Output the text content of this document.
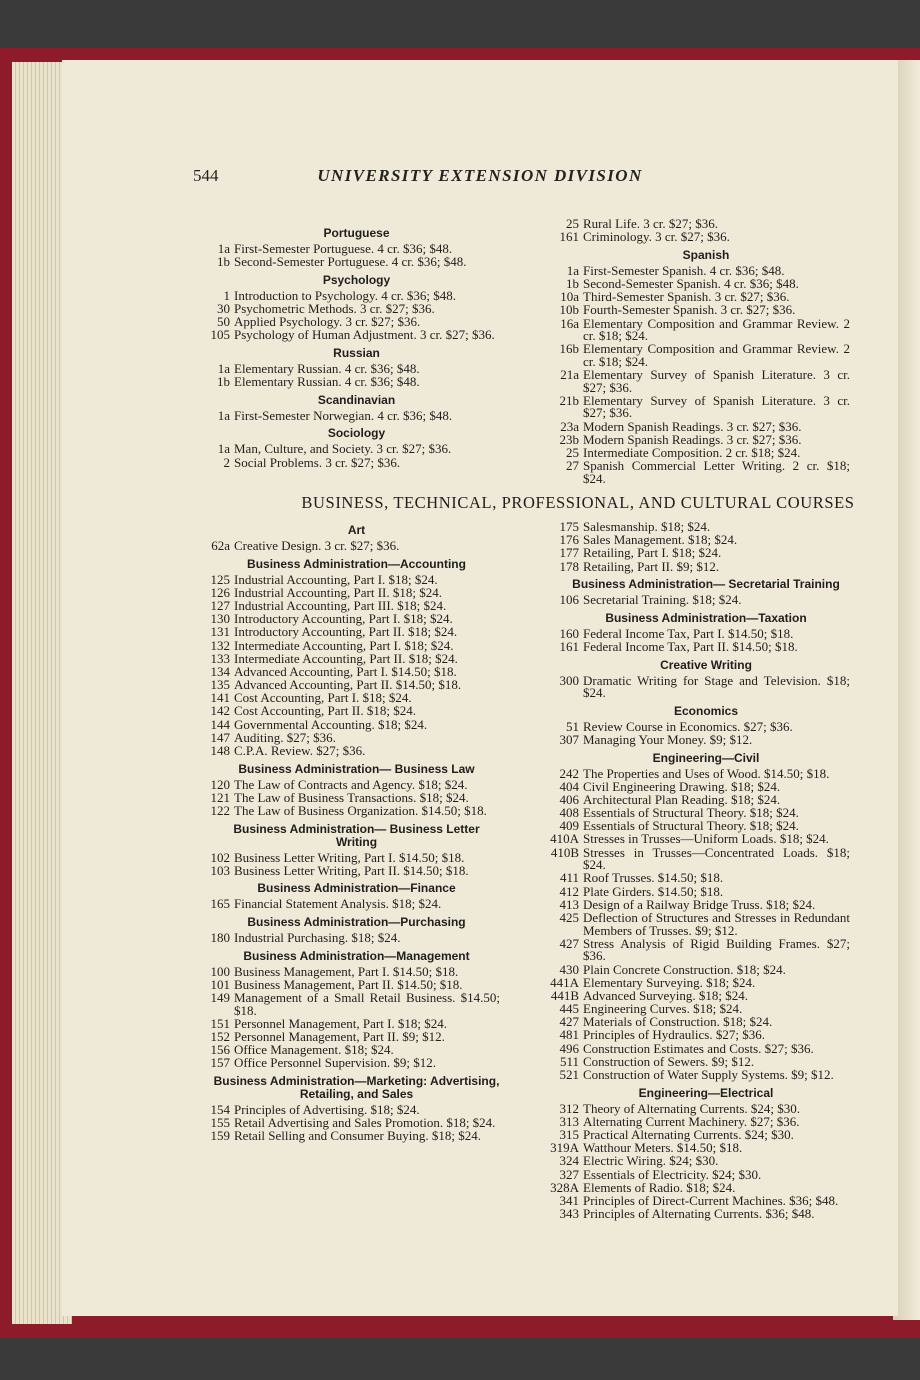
544	UNIVERSITY EXTENSION DIVISION
Portuguese
1a First-Semester Portuguese. 4 cr. $36; $48.
1b Second-Semester Portuguese. 4 cr. $36; $48.
Psychology
1 Introduction to Psychology. 4 cr. $36; $48.
30 Psychometric Methods. 3 cr. $27; $36.
50 Applied Psychology. 3 cr. $27; $36.
105 Psychology of Human Adjustment. 3 cr. $27; $36.
Russian
1a Elementary Russian. 4 cr. $36; $48.
1b Elementary Russian. 4 cr. $36; $48.
Scandinavian
1a First-Semester Norwegian. 4 cr. $36; $48.
Sociology
1a Man, Culture, and Society. 3 cr. $27; $36.
2 Social Problems. 3 cr. $27; $36.
25 Rural Life. 3 cr. $27; $36.
161 Criminology. 3 cr. $27; $36.
Spanish
1a First-Semester Spanish. 4 cr. $36; $48.
1b Second-Semester Spanish. 4 cr. $36; $48.
10a Third-Semester Spanish. 3 cr. $27; $36.
10b Fourth-Semester Spanish. 3 cr. $27; $36.
16a Elementary Composition and Grammar Review. 2 cr. $18; $24.
16b Elementary Composition and Grammar Review. 2 cr. $18; $24.
21a Elementary Survey of Spanish Literature. 3 cr. $27; $36.
21b Elementary Survey of Spanish Literature. 3 cr. $27; $36.
23a Modern Spanish Readings. 3 cr. $27; $36.
23b Modern Spanish Readings. 3 cr. $27; $36.
25 Intermediate Composition. 2 cr. $18; $24.
27 Spanish Commercial Letter Writing. 2 cr. $18; $24.
BUSINESS, TECHNICAL, PROFESSIONAL, AND CULTURAL COURSES
Art
62a Creative Design. 3 cr. $27; $36.
Business Administration—Accounting
125 Industrial Accounting, Part I. $18; $24.
126 Industrial Accounting, Part II. $18; $24.
127 Industrial Accounting, Part III. $18; $24.
130 Introductory Accounting, Part I. $18; $24.
131 Introductory Accounting, Part II. $18; $24.
132 Intermediate Accounting, Part I. $18; $24.
133 Intermediate Accounting, Part II. $18; $24.
134 Advanced Accounting, Part I. $14.50; $18.
135 Advanced Accounting, Part II. $14.50; $18.
141 Cost Accounting, Part I. $18; $24.
142 Cost Accounting, Part II. $18; $24.
144 Governmental Accounting. $18; $24.
147 Auditing. $27; $36.
148 C.P.A. Review. $27; $36.
Business Administration— Business Law
120 The Law of Contracts and Agency. $18; $24.
121 The Law of Business Transactions. $18; $24.
122 The Law of Business Organization. $14.50; $18.
Business Administration— Business Letter Writing
102 Business Letter Writing, Part I. $14.50; $18.
103 Business Letter Writing, Part II. $14.50; $18.
Business Administration—Finance
165 Financial Statement Analysis. $18; $24.
Business Administration—Purchasing
180 Industrial Purchasing. $18; $24.
Business Administration—Management
100 Business Management, Part I. $14.50; $18.
101 Business Management, Part II. $14.50; $18.
149 Management of a Small Retail Business. $14.50; $18.
151 Personnel Management, Part I. $18; $24.
152 Personnel Management, Part II. $9; $12.
156 Office Management. $18; $24.
157 Office Personnel Supervision. $9; $12.
Business Administration—Marketing: Advertising, Retailing, and Sales
154 Principles of Advertising. $18; $24.
155 Retail Advertising and Sales Promotion. $18; $24.
159 Retail Selling and Consumer Buying. $18; $24.
175 Salesmanship. $18; $24.
176 Sales Management. $18; $24.
177 Retailing, Part I. $18; $24.
178 Retailing, Part II. $9; $12.
Business Administration— Secretarial Training
106 Secretarial Training. $18; $24.
Business Administration—Taxation
160 Federal Income Tax, Part I. $14.50; $18.
161 Federal Income Tax, Part II. $14.50; $18.
Creative Writing
300 Dramatic Writing for Stage and Television. $18; $24.
Economics
51 Review Course in Economics. $27; $36.
307 Managing Your Money. $9; $12.
Engineering—Civil
242 The Properties and Uses of Wood. $14.50; $18.
404 Civil Engineering Drawing. $18; $24.
406 Architectural Plan Reading. $18; $24.
408 Essentials of Structural Theory. $18; $24.
409 Essentials of Structural Theory. $18; $24.
410A Stresses in Trusses—Uniform Loads. $18; $24.
410B Stresses in Trusses—Concentrated Loads. $18; $24.
411 Roof Trusses. $14.50; $18.
412 Plate Girders. $14.50; $18.
413 Design of a Railway Bridge Truss. $18; $24.
425 Deflection of Structures and Stresses in Redundant Members of Trusses. $9; $12.
427 Stress Analysis of Rigid Building Frames. $27; $36.
430 Plain Concrete Construction. $18; $24.
441A Elementary Surveying. $18; $24.
441B Advanced Surveying. $18; $24.
445 Engineering Curves. $18; $24.
427 Materials of Construction. $18; $24.
481 Principles of Hydraulics. $27; $36.
496 Construction Estimates and Costs. $27; $36.
511 Construction of Sewers. $9; $12.
521 Construction of Water Supply Systems. $9; $12.
Engineering—Electrical
312 Theory of Alternating Currents. $24; $30.
313 Alternating Current Machinery. $27; $36.
315 Practical Alternating Currents. $24; $30.
319A Watthour Meters. $14.50; $18.
324 Electric Wiring. $24; $30.
327 Essentials of Electricity. $24; $30.
328A Elements of Radio. $18; $24.
341 Principles of Direct-Current Machines. $36; $48.
343 Principles of Alternating Currents. $36; $48.
